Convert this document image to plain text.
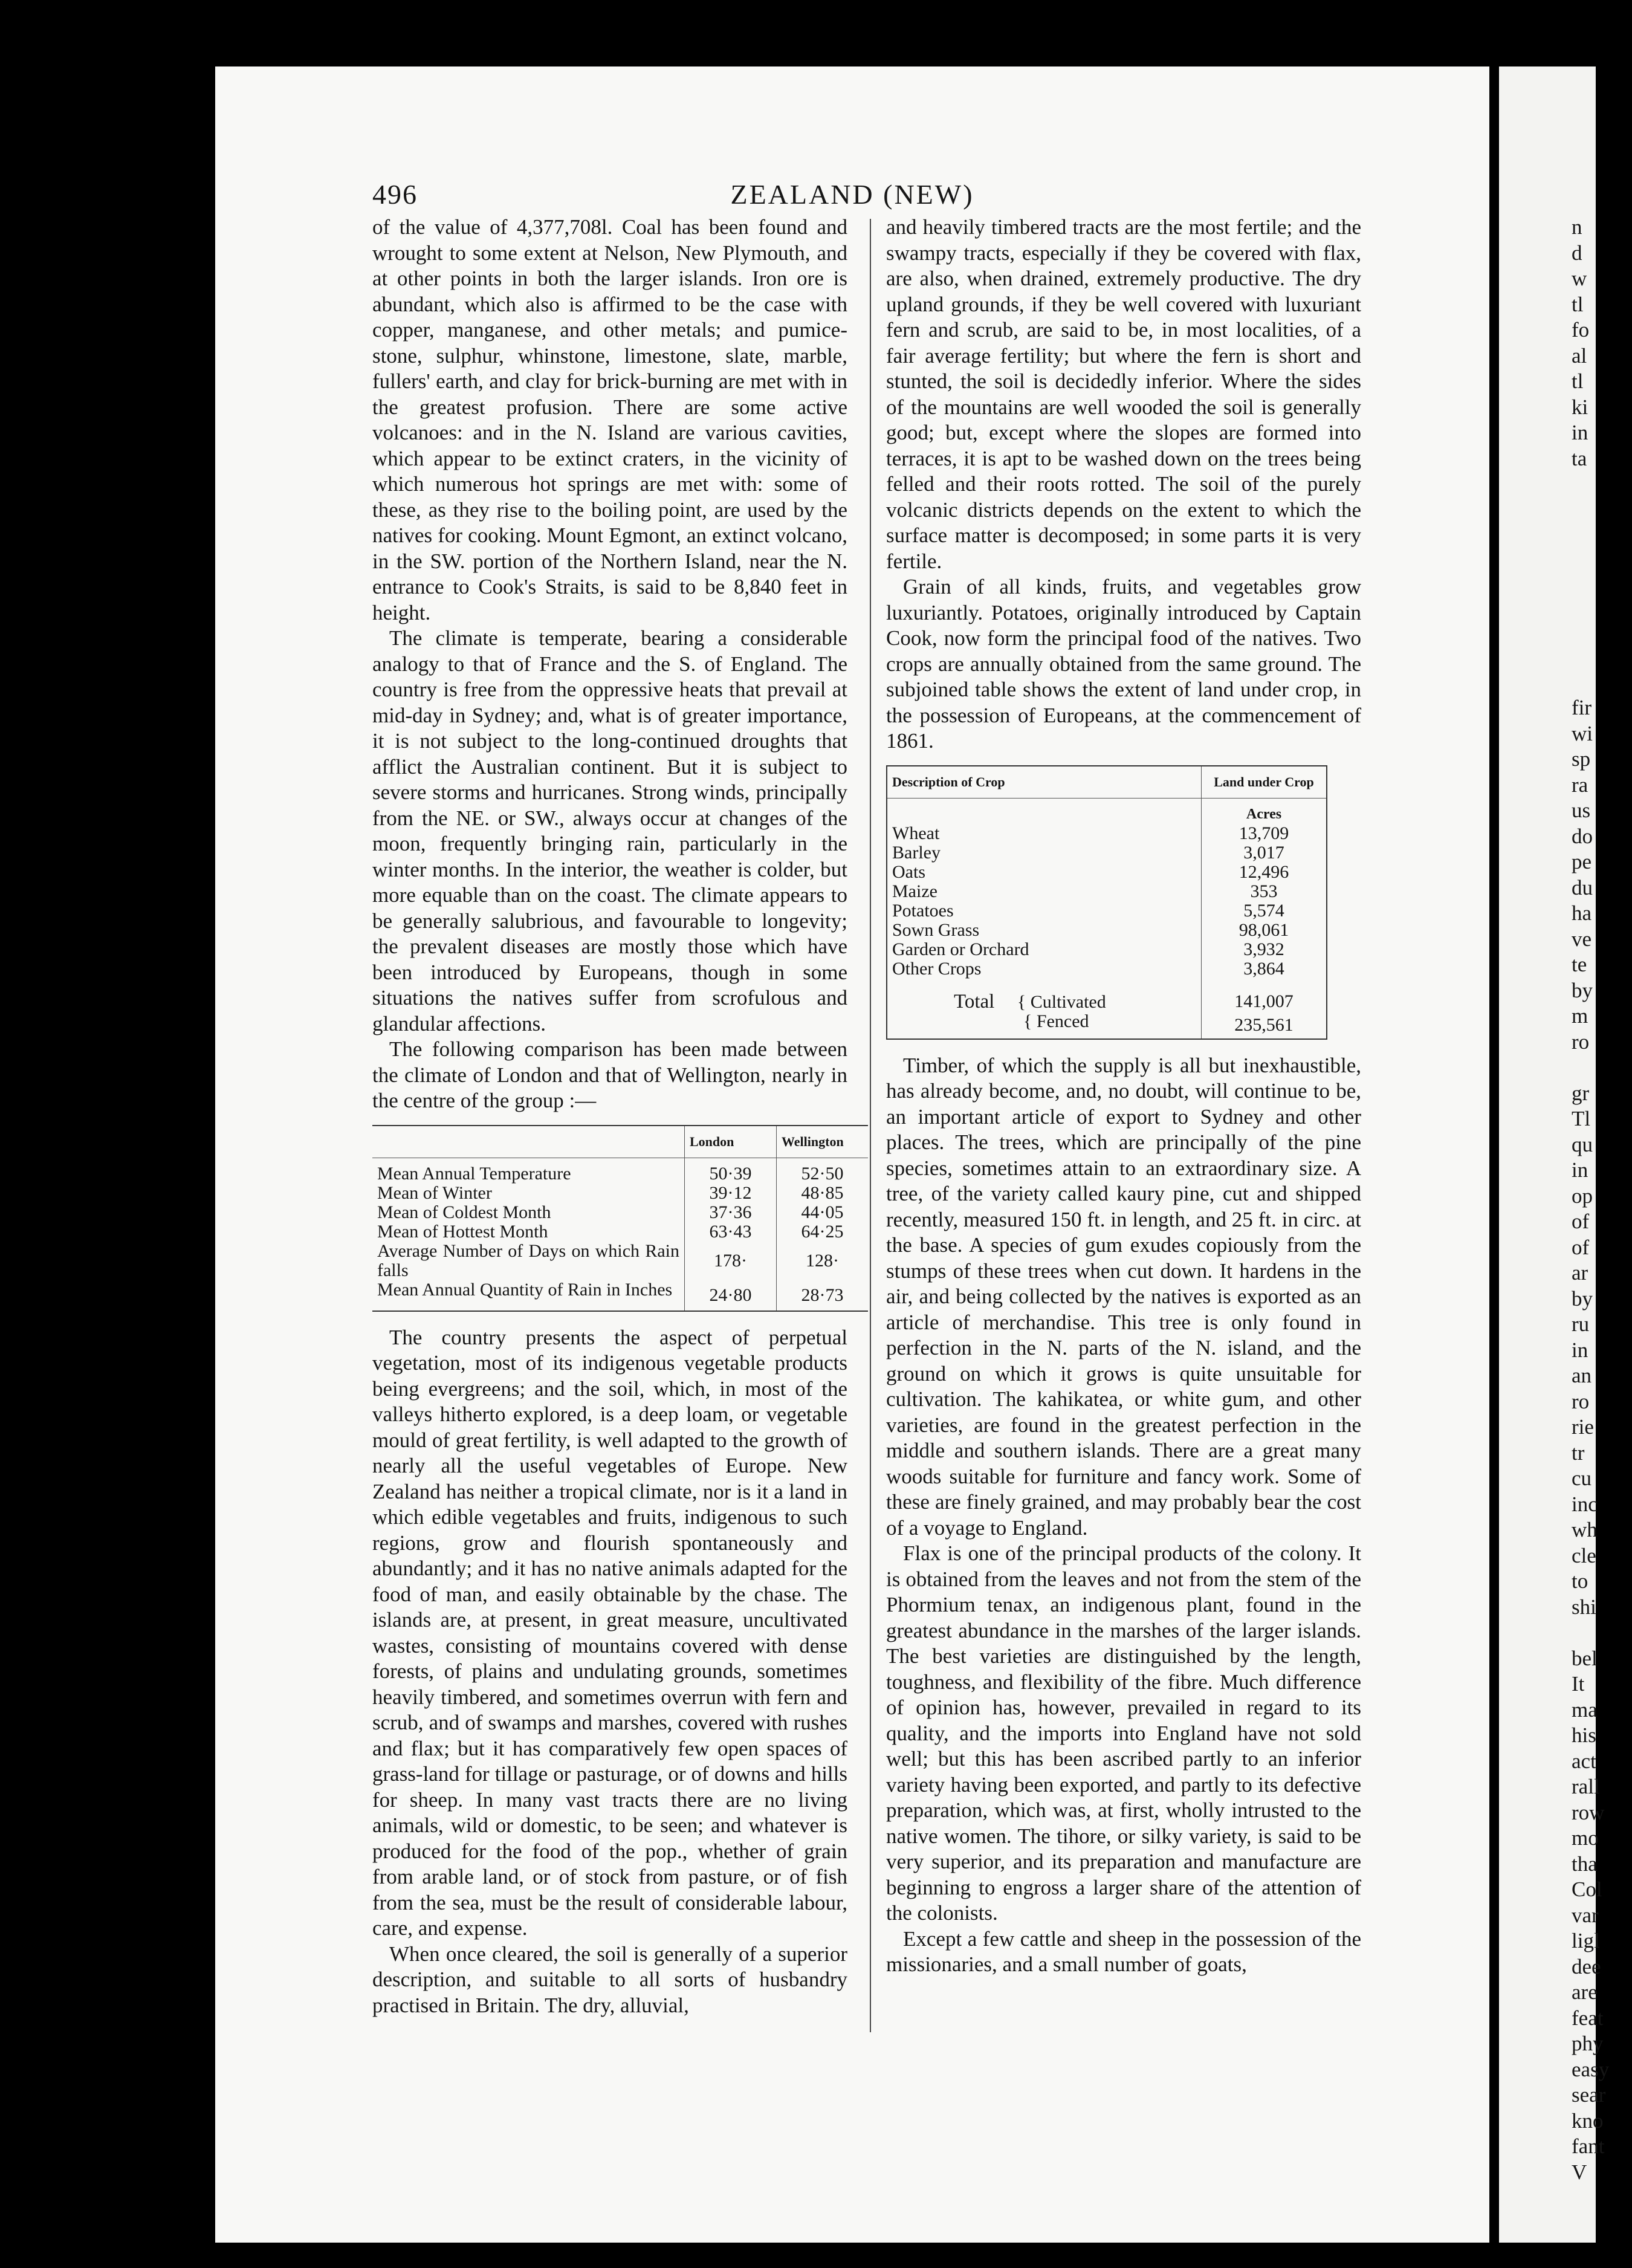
ZEALAND (NEW)
496

of the value of 4,377,708l. Coal has been found and wrought to some extent at Nelson, New Plymouth, and at other points in both the larger islands. Iron ore is abundant, which also is affirmed to be the case with copper, manganese, and other metals; and pumice-stone, sulphur, whinstone, limestone, slate, marble, fullers' earth, and clay for brick-burning are met with in the greatest profusion. There are some active volcanoes: and in the N. Island are various cavities, which appear to be extinct craters, in the vicinity of which numerous hot springs are met with: some of these, as they rise to the boiling point, are used by the natives for cooking. Mount Egmont, an extinct volcano, in the SW. portion of the Northern Island, near the N. entrance to Cook's Straits, is said to be 8,840 feet in height.

The climate is temperate, bearing a considerable analogy to that of France and the S. of England. The country is free from the oppressive heats that prevail at mid-day in Sydney; and, what is of greater importance, it is not subject to the long-continued droughts that afflict the Australian continent. But it is subject to severe storms and hurricanes. Strong winds, principally from the NE. or SW., always occur at changes of the moon, frequently bringing rain, particularly in the winter months. In the interior, the weather is colder, but more equable than on the coast. The climate appears to be generally salubrious, and favourable to longevity; the prevalent diseases are mostly those which have been introduced by Europeans, though in some situations the natives suffer from scrofulous and glandular affections.

The following comparison has been made between the climate of London and that of Wellington, nearly in the centre of the group :—

	London	Wellington

Mean Annual Temperature	50·39	52·50
Mean of Winter	39·12	48·85
Mean of Coldest Month	37·36	44·05
Mean of Hottest Month	63·43	64·25
Average Number of Days on which Rain falls	178·	128·
Mean Annual Quantity of Rain in Inches	24·80	28·73

The country presents the aspect of perpetual vegetation, most of its indigenous vegetable products being evergreens; and the soil, which, in most of the valleys hitherto explored, is a deep loam, or vegetable mould of great fertility, is well adapted to the growth of nearly all the useful vegetables of Europe. New Zealand has neither a tropical climate, nor is it a land in which edible vegetables and fruits, indigenous to such regions, grow and flourish spontaneously and abundantly; and it has no native animals adapted for the food of man, and easily obtainable by the chase. The islands are, at present, in great measure, uncultivated wastes, consisting of mountains covered with dense forests, of plains and undulating grounds, sometimes heavily timbered, and sometimes overrun with fern and scrub, and of swamps and marshes, covered with rushes and flax; but it has comparatively few open spaces of grass-land for tillage or pasturage, or of downs and hills for sheep. In many vast tracts there are no living animals, wild or domestic, to be seen; and whatever is produced for the food of the pop., whether of grain from arable land, or of stock from pasture, or of fish from the sea, must be the result of considerable labour, care, and expense.

When once cleared, the soil is generally of a superior description, and suitable to all sorts of husbandry practised in Britain. The dry, alluvial,

and heavily timbered tracts are the most fertile; and the swampy tracts, especially if they be covered with flax, are also, when drained, extremely productive. The dry upland grounds, if they be well covered with luxuriant fern and scrub, are said to be, in most localities, of a fair average fertility; but where the fern is short and stunted, the soil is decidedly inferior. Where the sides of the mountains are well wooded the soil is generally good; but, except where the slopes are formed into terraces, it is apt to be washed down on the trees being felled and their roots rotted. The soil of the purely volcanic districts depends on the extent to which the surface matter is decomposed; in some parts it is very fertile.

Grain of all kinds, fruits, and vegetables grow luxuriantly. Potatoes, originally introduced by Captain Cook, now form the principal food of the natives. Two crops are annually obtained from the same ground. The subjoined table shows the extent of land under crop, in the possession of Europeans, at the commencement of 1861.

Description of Crop	Land under Crop
	Acres
Wheat	13,709
Barley	3,017
Oats	12,496
Maize	353
Potatoes	5,574
Sown Grass	98,061
Garden or Orchard	3,932
Other Crops	3,864

Total { Cultivated	141,007
{ Fenced	235,561

Timber, of which the supply is all but inexhaustible, has already become, and, no doubt, will continue to be, an important article of export to Sydney and other places. The trees, which are principally of the pine species, sometimes attain to an extraordinary size. A tree, of the variety called kaury pine, cut and shipped recently, measured 150 ft. in length, and 25 ft. in circ. at the base. A species of gum exudes copiously from the stumps of these trees when cut down. It hardens in the air, and being collected by the natives is exported as an article of merchandise. This tree is only found in perfection in the N. parts of the N. island, and the ground on which it grows is quite unsuitable for cultivation. The kahikatea, or white gum, and other varieties, are found in the greatest perfection in the middle and southern islands. There are a great many woods suitable for furniture and fancy work. Some of these are finely grained, and may probably bear the cost of a voyage to England.

Flax is one of the principal products of the colony. It is obtained from the leaves and not from the stem of the Phormium tenax, an indigenous plant, found in the greatest abundance in the marshes of the larger islands. The best varieties are distinguished by the length, toughness, and flexibility of the fibre. Much difference of opinion has, however, prevailed in regard to its quality, and the imports into England have not sold well; but this has been ascribed partly to an inferior variety having been exported, and partly to its defective preparation, which was, at first, wholly intrusted to the native women. The tihore, or silky variety, is said to be very superior, and its preparation and manufacture are beginning to engross a larger share of the attention of the colonists.

Except a few cattle and sheep in the possession of the missionaries, and a small number of goats,

n

d

w

tl

fo

al

tl

ki

in

ta

fir

wi

sp

ra

us

do

pe

du

ha

ve

te

by

m

ro

gr

Tl

qu

in

op

of

of

ar

by

ru

in

an

ro

rie

tr

cu

inc

wh

cle

to

shi

bel

It

ma

his

act

rall

row

mo

tha

Col

var

ligl

dee

are

feat

phy

easy

sear

kno

fant

V
